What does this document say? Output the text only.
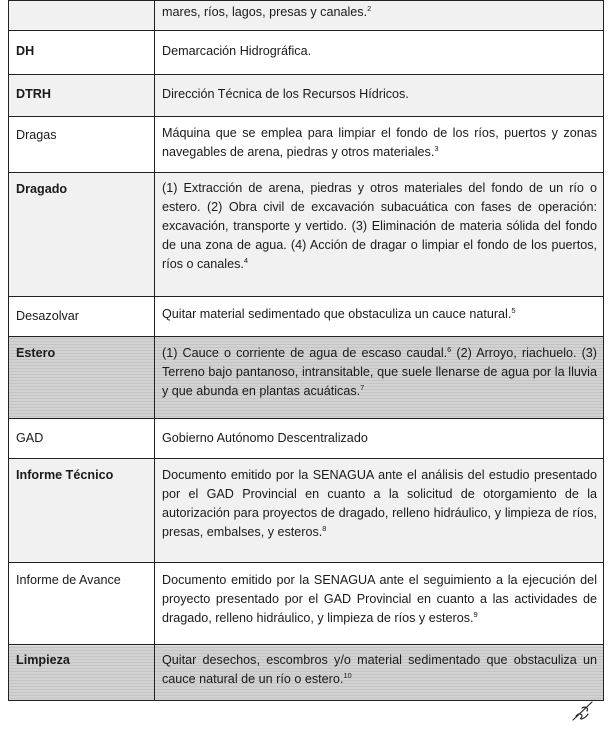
	mares, ríos, lagos, presas y canales.$^2$
DH	Demarcación Hidrográfica.
DTRH	Dirección Técnica de los Recursos Hídricos.
Dragas	Máquina que se emplea para limpiar el fondo de los ríos, puertos y zonas navegables de arena, piedras y otros materiales.$^3$
Dragado	(1) Extracción de arena, piedras y otros materiales del fondo de un río o estero. (2) Obra civil de excavación subacuática con fases de operación: excavación, transporte y vertido. (3) Eliminación de materia sólida del fondo de una zona de agua. (4) Acción de dragar o limpiar el fondo de los puertos, ríos o canales.$^4$
Desazolvar	Quitar material sedimentado que obstaculiza un cauce natural.$^5$
Estero	(1) Cauce o corriente de agua de escaso caudal.$^6$ (2) Arroyo, riachuelo. (3) Terreno bajo pantanoso, intransitable, que suele llenarse de agua por la lluvia y que abunda en plantas acuáticas.$^7$
GAD	Gobierno Autónomo Descentralizado
Informe Técnico	Documento emitido por la SENAGUA ante el análisis del estudio presentado por el GAD Provincial en cuanto a la solicitud de otorgamiento de la autorización para proyectos de dragado, relleno hidráulico, y limpieza de ríos, presas, embalses, y esteros.$^8$
Informe de Avance	Documento emitido por la SENAGUA ante el seguimiento a la ejecución del proyecto presentado por el GAD Provincial en cuanto a las actividades de dragado, relleno hidráulico, y limpieza de ríos y esteros.$^9$
Limpieza	Quitar desechos, escombros y/o material sedimentado que obstaculiza un cauce natural de un río o estero.$^{10}$
